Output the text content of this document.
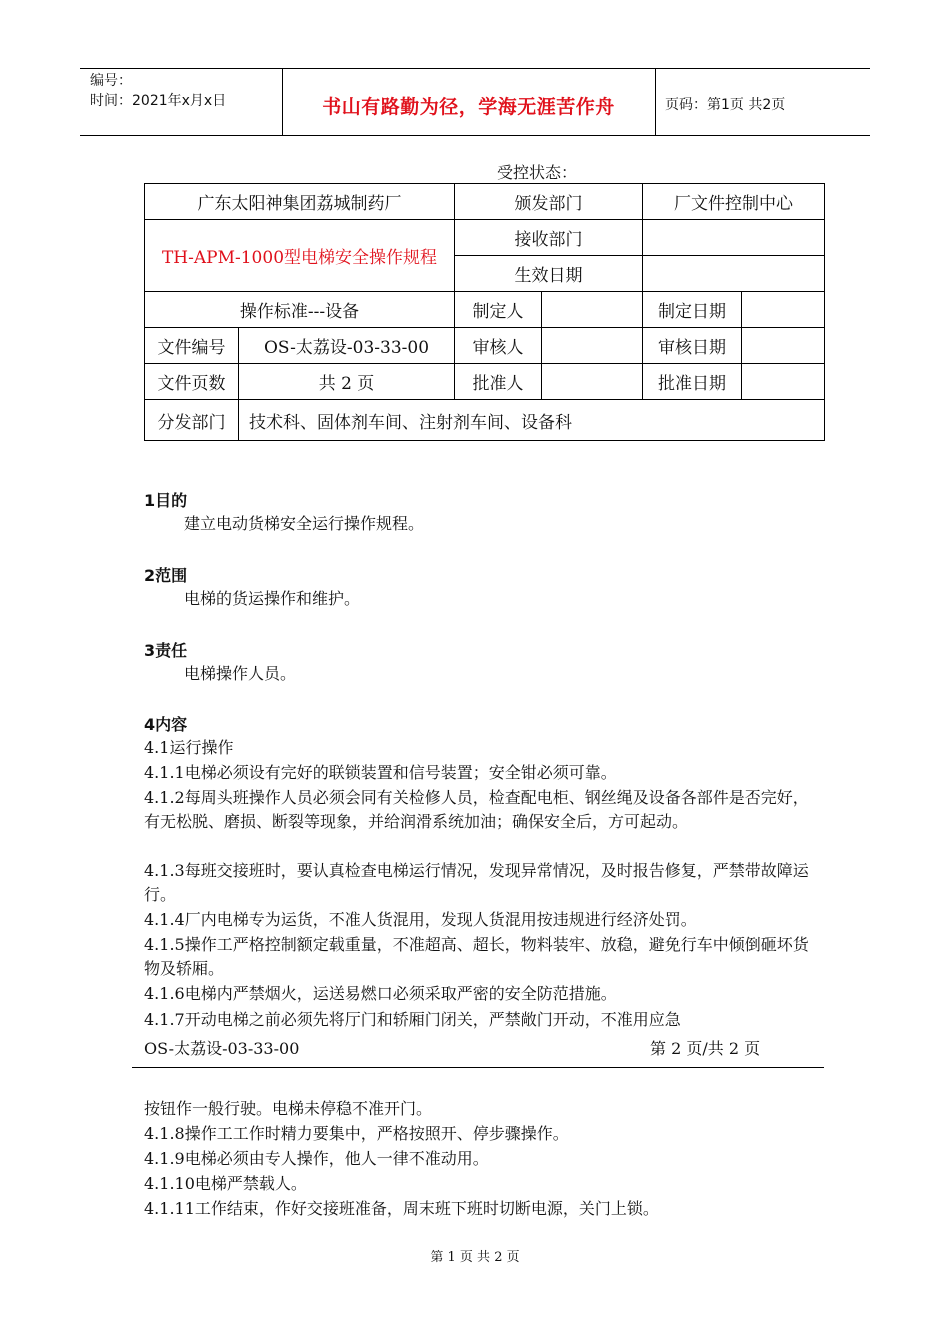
编号：
时间：2021年x月x日	书山有路勤为径，学海无涯苦作舟	页码：第1页 共2页
受控状态：
广东太阳神集团荔城制药厂		颁发部门		厂文件控制中心	
TH-APM-1000型电梯安全操作规程		接收部门			
		生效日期			
操作标准---设备		制定人		制定日期	
文件编号	OS-太荔设-03-33-00	审核人		审核日期	
文件页数	共 2 页	批准人		批准日期	
分发部门	技术科、固体剂车间、注射剂车间、设备科				
1目的
建立电动货梯安全运行操作规程。
2范围
电梯的货运操作和维护。
3责任
电梯操作人员。
4内容
4.1运行操作
4.1.1电梯必须设有完好的联锁装置和信号装置；安全钳必须可靠。
4.1.2每周头班操作人员必须会同有关检修人员，检查配电柜、钢丝绳及设备各部件是否完好，有无松脱、磨损、断裂等现象，并给润滑系统加油；确保安全后，方可起动。
4.1.3每班交接班时，要认真检查电梯运行情况，发现异常情况，及时报告修复，严禁带故障运行。
4.1.4厂内电梯专为运货，不准人货混用，发现人货混用按违规进行经济处罚。
4.1.5操作工严格控制额定载重量，不准超高、超长，物料装牢、放稳，避免行车中倾倒砸坏货物及轿厢。
4.1.6电梯内严禁烟火，运送易燃口必须采取严密的安全防范措施。
4.1.7开动电梯之前必须先将厅门和轿厢门闭关，严禁敞门开动，不准用应急
OS-太荔设-03-33-00	第 2 页/共 2 页
按钮作一般行驶。电梯未停稳不准开门。
4.1.8操作工工作时精力要集中，严格按照开、停步骤操作。
4.1.9电梯必须由专人操作，他人一律不准动用。
4.1.10电梯严禁载人。
4.1.11工作结束，作好交接班准备，周末班下班时切断电源，关门上锁。
第 1 页 共 2 页
